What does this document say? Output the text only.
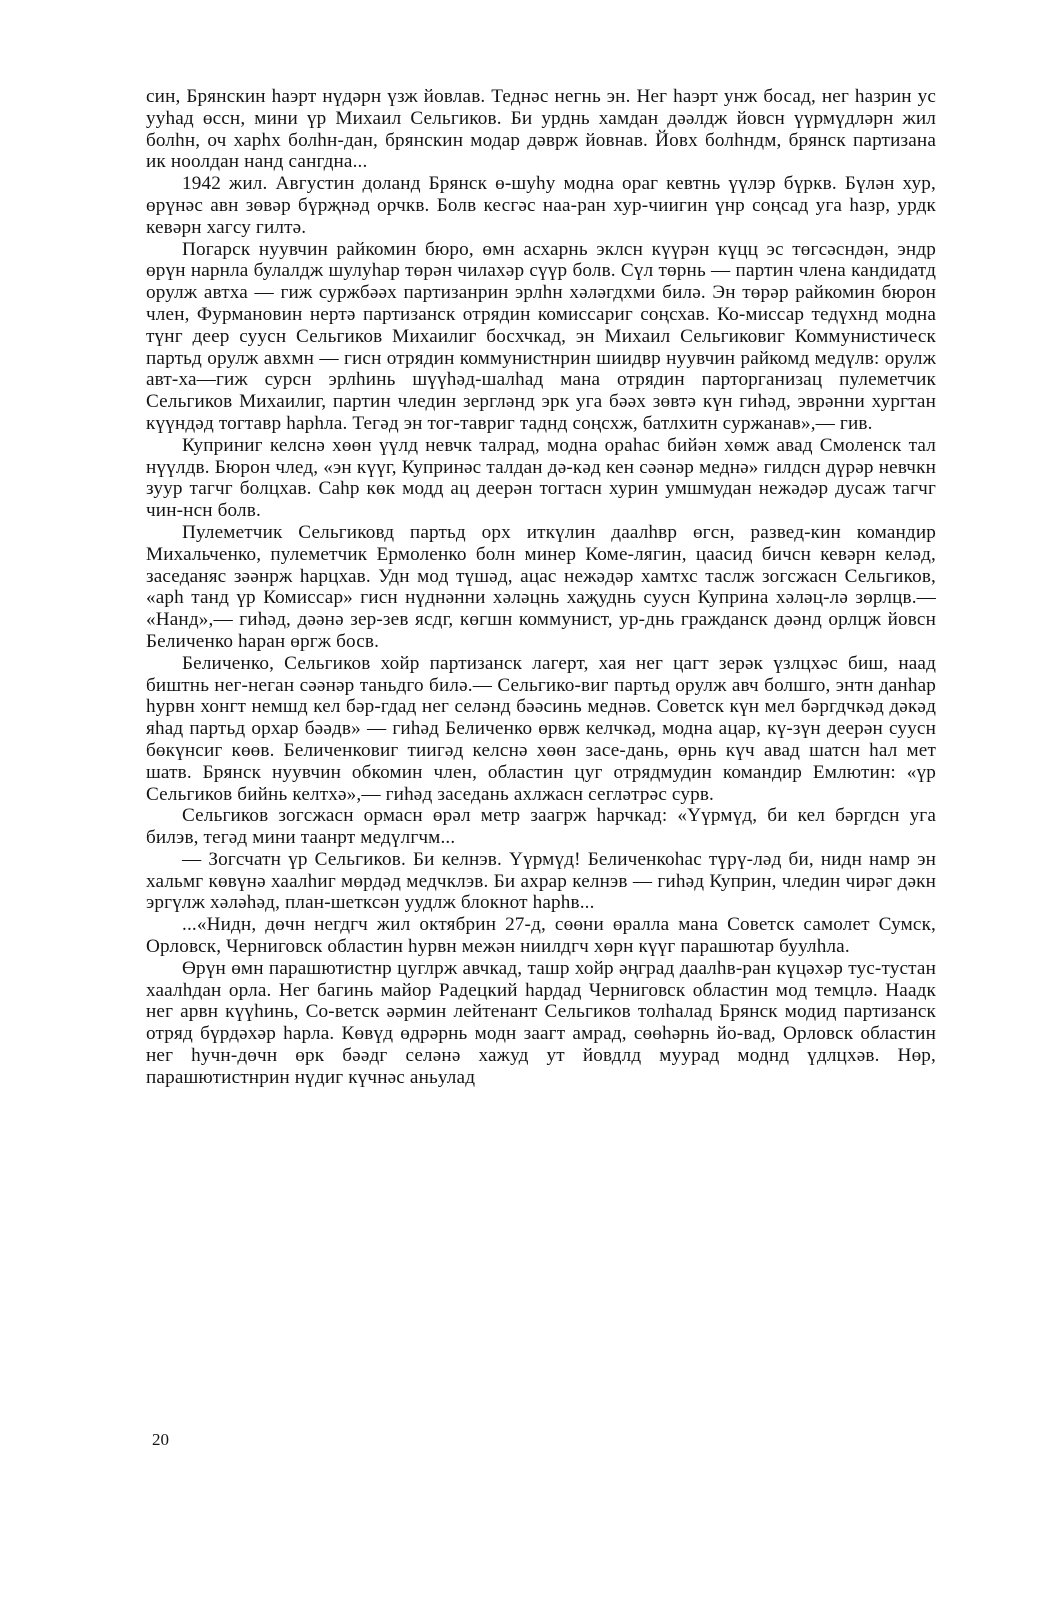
син, Брянскин һаэрт нүдәрн үзж йовлав. Теднәс негнь эн. Нег һаэрт унж босад, нег һазрин ус ууһад өссн, мини үр Михаил Сельгиков. Би урднь хамдан дәәлдж йовсн үүрмүдләрн жил болһн, оч харһх болһн-дан, брянскин модар дәврж йовнав. Йовх болһндм, брянск партизана ик ноолдан нанд сангдна...

1942 жил. Августин доланд Брянск ө-шуһу модна ораг кевтнь үүлэр бүркв. Бүлән хур, өрүнәс авн зөвәр бүрҗнәд орчкв. Болв кесгәс наа-ран хур-чиигин үнр соңсад уга һазр, урдк кевәрн хагсу гилтә.

Погарск нуувчин райкомин бюро, өмн асхарнь эклсн күүрән күцц эс төгсәсндән, эндр өрүн нарнла булалдж шулуһар төрән чилахәр сүүр болв. Сүл төрнь — партин члена кандидатд орулж автха — гиж суржбәәх партизанрин эрлһн хәләгдхми билә. Эн төрәр райкомин бюрон член, Фурмановин нертә партизанск отрядин комиссариг соңсхав. Ко-миссар тедүхнд модна түнг деер суусн Сельгиков Михаилиг босхчкад, эн Михаил Сельгиковиг Коммунистическ партьд орулж авхмн — гисн отрядин коммунистнрин шиидвр нуувчин райкомд медүлв: орулж авт-ха—гиж сурсн эрлһинь шүүһәд-шалһад мана отрядин парторганизац пулеметчик Сельгиков Михаилиг, партин чледин зергләнд эрк уга бәәх зөвтә күн гиһәд, эврәнни хургтан күүндәд тогтавр һарһла. Тегәд эн тог-тавриг таднд соңсхж, батлхитн суржанав»,— гив.

Куприниг келснә хөөн үүлд невчк талрад, модна ораһас бийән хөмж авад Смоленск тал нүүлдв. Бюрон члед, «эн күүг, Купринәс талдан дә-кәд кен сәәнәр меднә» гилдсн дүрәр невчкн зуур тагчг болцхав. Саһр көк модд ац деерән тогтасн хурин умшмудан нежәдәр дусаж тагчг чин-нсн болв.

Пулеметчик Сельгиковд партьд орх иткүлин даалһвр өгсн, развед-кин командир Михальченко, пулеметчик Ермоленко болн минер Коме-лягин, цаасид бичсн кевәрн келәд, заседаняс зәәнрж һарцхав. Удн мод түшәд, ацас нежәдәр хамтхс таслж зогсжасн Сельгиков, «арһ танд үр Комиссар» гисн нүднәнни хәләцнь хаҗуднь суусн Куприна хәләц-лә зөрлцв.— «Нанд»,— гиһәд, дәәнә зер-зев ясдг, көгшн коммунист, ур-днь гражданск дәәнд орлцж йовсн Беличенко һаран өргж босв.

Беличенко, Сельгиков хойр партизанск лагерт, хая нег цагт зерәк үзлцхәс биш, наад биштнь нег-неган сәәнәр таньдго билә.— Сельгико-виг партьд орулж авч болшго, энтн данһар һурвн хонгт немшд кел бәр-гдад нег селәнд бәәсинь меднәв. Советск күн мел бәргдчкәд дәкәд яһад партьд орхар бәәдв» — гиһәд Беличенко өрвж келчкәд, модна ацар, кү-зүн деерән суусн бөкүнсиг көөв. Беличенковиг тиигәд келснә хөөн засе-дань, өрнь күч авад шатсн һал мет шатв. Брянск нуувчин обкомин член, областин цуг отрядмудин командир Емлютин: «үр Сельгиков бийнь келтхә»,— гиһәд заседань ахлжасн сегләтрәс сурв.

Сельгиков зогсжасн ормасн өрәл метр заагрж һарчкад: «Үүрмүд, би кел бәргдсн уга билэв, тегәд мини таанрт медүлгчм...

— Зогсчатн үр Сельгиков. Би келнэв. Үүрмүд! Беличенкоһас түрү-ләд би, нидн намр эн хальмг көвүнә хаалһиг мөрдәд медчклэв. Би ахрар келнэв — гиһәд Куприн, чледин чирәг дәкн эргүлж хәләһәд, план-шетксән уудлж блокнот һарһв...

...«Нидн, дөчн негдгч жил октябрин 27-д, сөөни өралла мана Советск самолет Сумск, Орловск, Черниговск областин һурвн межән ниилдгч хөрн күүг парашютар буулһла.

Өрүн өмн парашютистнр цуглрж авчкад, ташр хойр әңград даалһв-ран күцәхәр тус-тустан хаалһдан орла. Нег багинь майор Радецкий һардад Черниговск областин мод темцлә. Наадк нег арвн күүһинь, Со-ветск әәрмин лейтенант Сельгиков толһалад Брянск модид партизанск отряд бүрдәхәр һарла. Көвүд өдрәрнь модн заагт амрад, сөөһәрнь йо-вад, Орловск областин нег һучн-дөчн өрк бәәдг селәнә хажуд ут йовдлд муурад моднд үдлцхәв. Нөр, парашютистнрин нүдиг күчнәс аньулад

20
